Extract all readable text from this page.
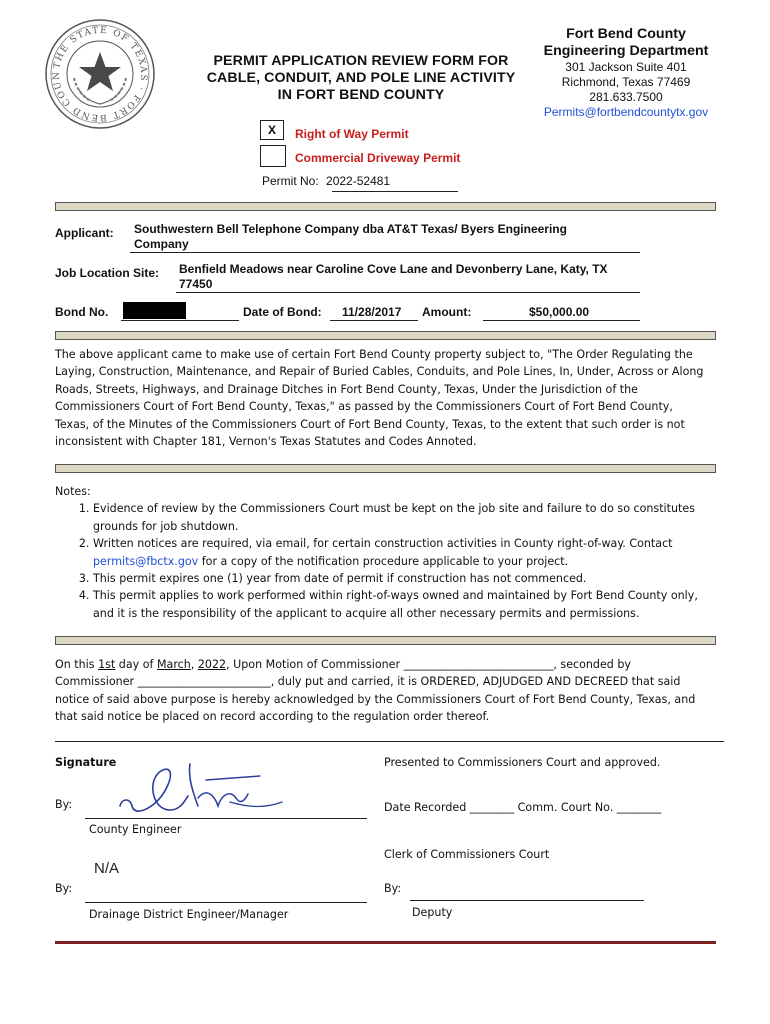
THE STATE OF TEXAS · FORT BEND COUN
PERMIT APPLICATION REVIEW FORM FOR
CABLE, CONDUIT, AND POLE LINE ACTIVITY
IN FORT BEND COUNTY
Fort Bend County
Engineering Department
301 Jackson Suite 401
Richmond, Texas 77469
281.633.7500
Permits@fortbendcountytx.gov
X	Right of Way Permit
Commercial Driveway Permit
Permit No: 2022-52481
Applicant: Southwestern Bell Telephone Company dba AT&T Texas/ Byers Engineering
Company
Job Location Site: Benfield Meadows near Caroline Cove Lane and Devonberry Lane, Katy, TX
77450
Bond No.	Date of Bond: 11/28/2017 Amount:	$50,000.00
The above applicant came to make use of certain Fort Bend County property subject to, "The Order Regulating the
Laying, Construction, Maintenance, and Repair of Buried Cables, Conduits, and Pole Lines, In, Under, Across or Along
Roads, Streets, Highways, and Drainage Ditches in Fort Bend County, Texas, Under the Jurisdiction of the
Commissioners Court of Fort Bend County, Texas," as passed by the Commissioners Court of Fort Bend County,
Texas, of the Minutes of the Commissioners Court of Fort Bend County, Texas, to the extent that such order is not
inconsistent with Chapter 181, Vernon's Texas Statutes and Codes Annoted.
Notes:
1. Evidence of review by the Commissioners Court must be kept on the job site and failure to do so constitutes
grounds for job shutdown.
2. Written notices are required, via email, for certain construction activities in County right-of-way. Contact
permits@fbctx.gov for a copy of the notification procedure applicable to your project.
3. This permit expires one (1) year from date of permit if construction has not commenced.
4. This permit applies to work performed within right-of-ways owned and maintained by Fort Bend County only,
and it is the responsibility of the applicant to acquire all other necessary permits and permissions.
On this 1st day of March, 2022, Upon Motion of Commissioner ___________________________, seconded by
Commissioner ________________________, duly put and carried, it is ORDERED, ADJUDGED AND DECREED that said
notice of said above purpose is hereby acknowledged by the Commissioners Court of Fort Bend County, Texas, and
that said notice be placed on record according to the regulation order thereof.
Signature
By:
County Engineer
N/A
By:
Drainage District Engineer/Manager
Presented to Commissioners Court and approved.
Date Recorded ________ Comm. Court No. ________
Clerk of Commissioners Court
By:
Deputy
